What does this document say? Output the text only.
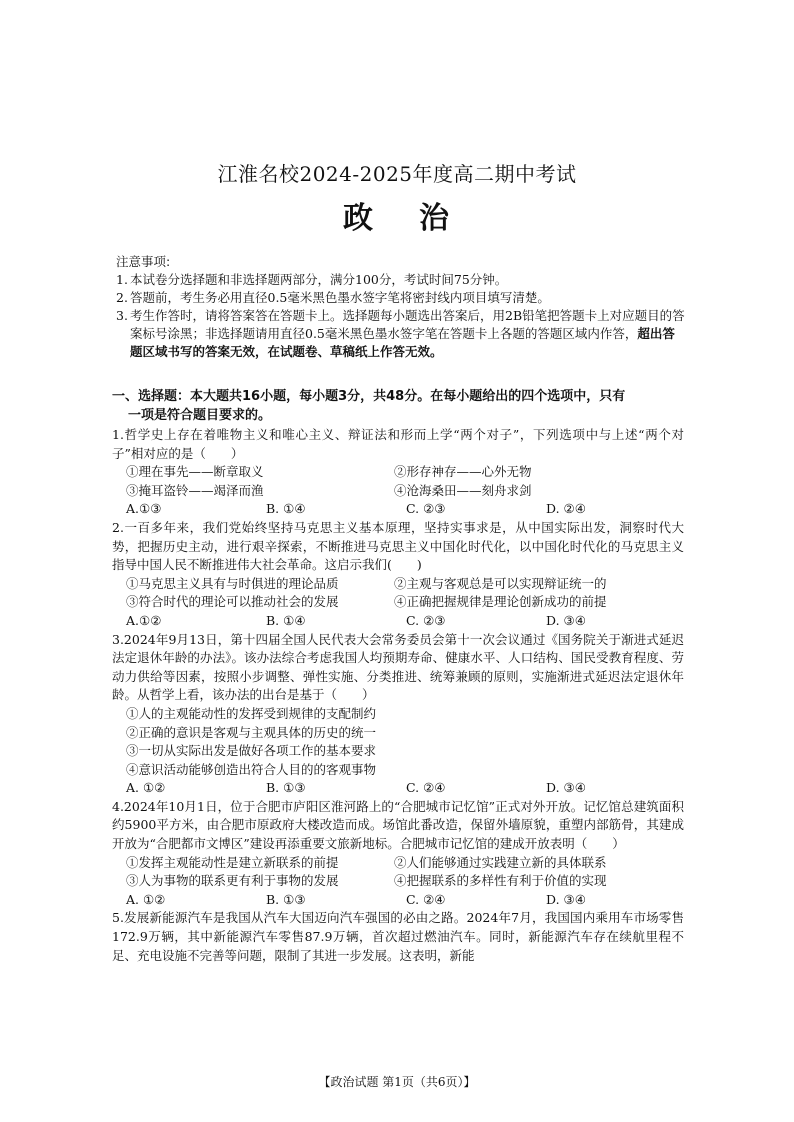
江淮名校2024-2025年度高二期中考试
政 治
注意事项:
1. 本试卷分选择题和非选择题两部分，满分100分，考试时间75分钟。
2. 答题前，考生务必用直径0.5毫米黑色墨水签字笔将密封线内项目填写清楚。
3. 考生作答时，请将答案答在答题卡上。选择题每小题选出答案后，用2B铅笔把答题卡上对应题目的答案标号涂黑；非选择题请用直径0.5毫米黑色墨水签字笔在答题卡上各题的答题区域内作答，超出答题区域书写的答案无效，在试题卷、草稿纸上作答无效。
一、选择题：本大题共16小题，每小题3分，共48分。在每小题给出的四个选项中，只有
一项是符合题目要求的。
1.哲学史上存在着唯物主义和唯心主义、辩证法和形而上学“两个对子”，下列选项中与上述“两个对子”相对应的是（　　）
①理在事先——断章取义	②形存神存——心外无物
③掩耳盗铃——竭泽而渔	④沧海桑田——刻舟求剑
A.①③	B. ①④	C. ②③	D. ②④
2.一百多年来，我们党始终坚持马克思主义基本原理，坚持实事求是，从中国实际出发，洞察时代大势，把握历史主动，进行艰辛探索，不断推进马克思主义中国化时代化，以中国化时代化的马克思主义指导中国人民不断推进伟大社会革命。这启示我们(　　)
①马克思主义具有与时俱进的理论品质	②主观与客观总是可以实现辩证统一的
③符合时代的理论可以推动社会的发展	④正确把握规律是理论创新成功的前提
A.①②	B. ①④	C. ②③	D. ③④
3.2024年9月13日，第十四届全国人民代表大会常务委员会第十一次会议通过《国务院关于渐进式延迟法定退休年龄的办法》。该办法综合考虑我国人均预期寿命、健康水平、人口结构、国民受教育程度、劳动力供给等因素，按照小步调整、弹性实施、分类推进、统筹兼顾的原则，实施渐进式延迟法定退休年龄。从哲学上看，该办法的出台是基于（　　）
①人的主观能动性的发挥受到规律的支配制约
②正确的意识是客观与主观具体的历史的统一
③一切从实际出发是做好各项工作的基本要求
④意识活动能够创造出符合人目的的客观事物
A. ①②	B. ①③	C. ②④	D. ③④
4.2024年10月1日，位于合肥市庐阳区淮河路上的“合肥城市记忆馆”正式对外开放。记忆馆总建筑面积约5900平方米，由合肥市原政府大楼改造而成。场馆此番改造，保留外墙原貌，重塑内部筋骨，其建成开放为“合肥都市文博区”建设再添重要文旅新地标。合肥城市记忆馆的建成开放表明（　　）
①发挥主观能动性是建立新联系的前提	②人们能够通过实践建立新的具体联系
③人为事物的联系更有利于事物的发展	④把握联系的多样性有利于价值的实现
A. ①②	B. ①③	C. ②④	D. ③④
5.发展新能源汽车是我国从汽车大国迈向汽车强国的必由之路。2024年7月，我国国内乘用车市场零售172.9万辆，其中新能源汽车零售87.9万辆，首次超过燃油汽车。同时，新能源汽车存在续航里程不足、充电设施不完善等问题，限制了其进一步发展。这表明，新能
【政治试题 第1页（共6页）】
